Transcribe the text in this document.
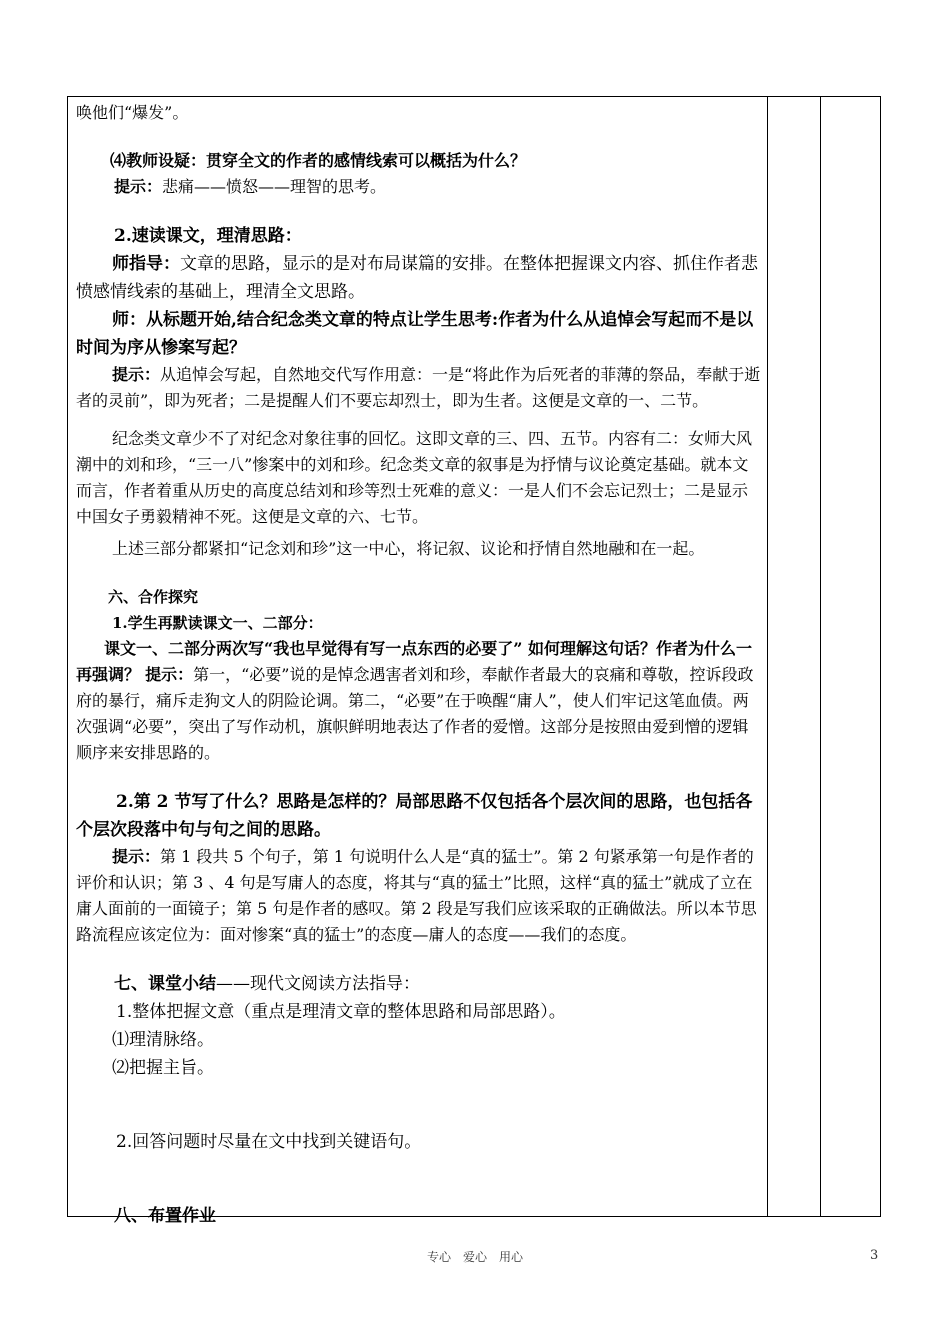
唤他们“爆发”。

⑷教师设疑：贯穿全文的作者的感情线索可以概括为什么？

提示：悲痛——愤怒——理智的思考。

2.速读课文，理清思路：

师指导：文章的思路，显示的是对布局谋篇的安排。在整体把握课文内容、抓住作者悲愤感情线索的基础上，理清全文思路。

师：从标题开始,结合纪念类文章的特点让学生思考:作者为什么从追悼会写起而不是以时间为序从惨案写起？

提示：从追悼会写起，自然地交代写作用意：一是“将此作为后死者的菲薄的祭品，奉献于逝者的灵前”，即为死者；二是提醒人们不要忘却烈士，即为生者。这便是文章的一、二节。

纪念类文章少不了对纪念对象往事的回忆。这即文章的三、四、五节。内容有二：女师大风潮中的刘和珍，“三一八”惨案中的刘和珍。纪念类文章的叙事是为抒情与议论奠定基础。就本文而言，作者着重从历史的高度总结刘和珍等烈士死难的意义：一是人们不会忘记烈士；二是显示中国女子勇毅精神不死。这便是文章的六、七节。

上述三部分都紧扣“记念刘和珍”这一中心，将记叙、议论和抒情自然地融和在一起。

六、合作探究

1.学生再默读课文一、二部分：

课文一、二部分两次写“我也早觉得有写一点东西的必要了” 如何理解这句话？作者为什么一再强调？ 提示：第一，“必要”说的是悼念遇害者刘和珍，奉献作者最大的哀痛和尊敬，控诉段政府的暴行，痛斥走狗文人的阴险论调。第二，“必要”在于唤醒“庸人”，使人们牢记这笔血债。两次强调“必要”，突出了写作动机，旗帜鲜明地表达了作者的爱憎。这部分是按照由爱到憎的逻辑顺序来安排思路的。

2.第 2 节写了什么？思路是怎样的？局部思路不仅包括各个层次间的思路，也包括各个层次段落中句与句之间的思路。

提示：第 1 段共 5 个句子，第 1 句说明什么人是“真的猛士”。第 2 句紧承第一句是作者的评价和认识；第 3 、4 句是写庸人的态度，将其与“真的猛士”比照，这样“真的猛士”就成了立在庸人面前的一面镜子；第 5 句是作者的感叹。第 2 段是写我们应该采取的正确做法。所以本节思路流程应该定位为：面对惨案“真的猛士”的态度—庸人的态度——我们的态度。

七、课堂小结——现代文阅读方法指导：

1.整体把握文意（重点是理清文章的整体思路和局部思路）。

⑴理清脉络。

⑵把握主旨。

2.回答问题时尽量在文中找到关键语句。

八、布置作业

专心　爱心　用心	3
